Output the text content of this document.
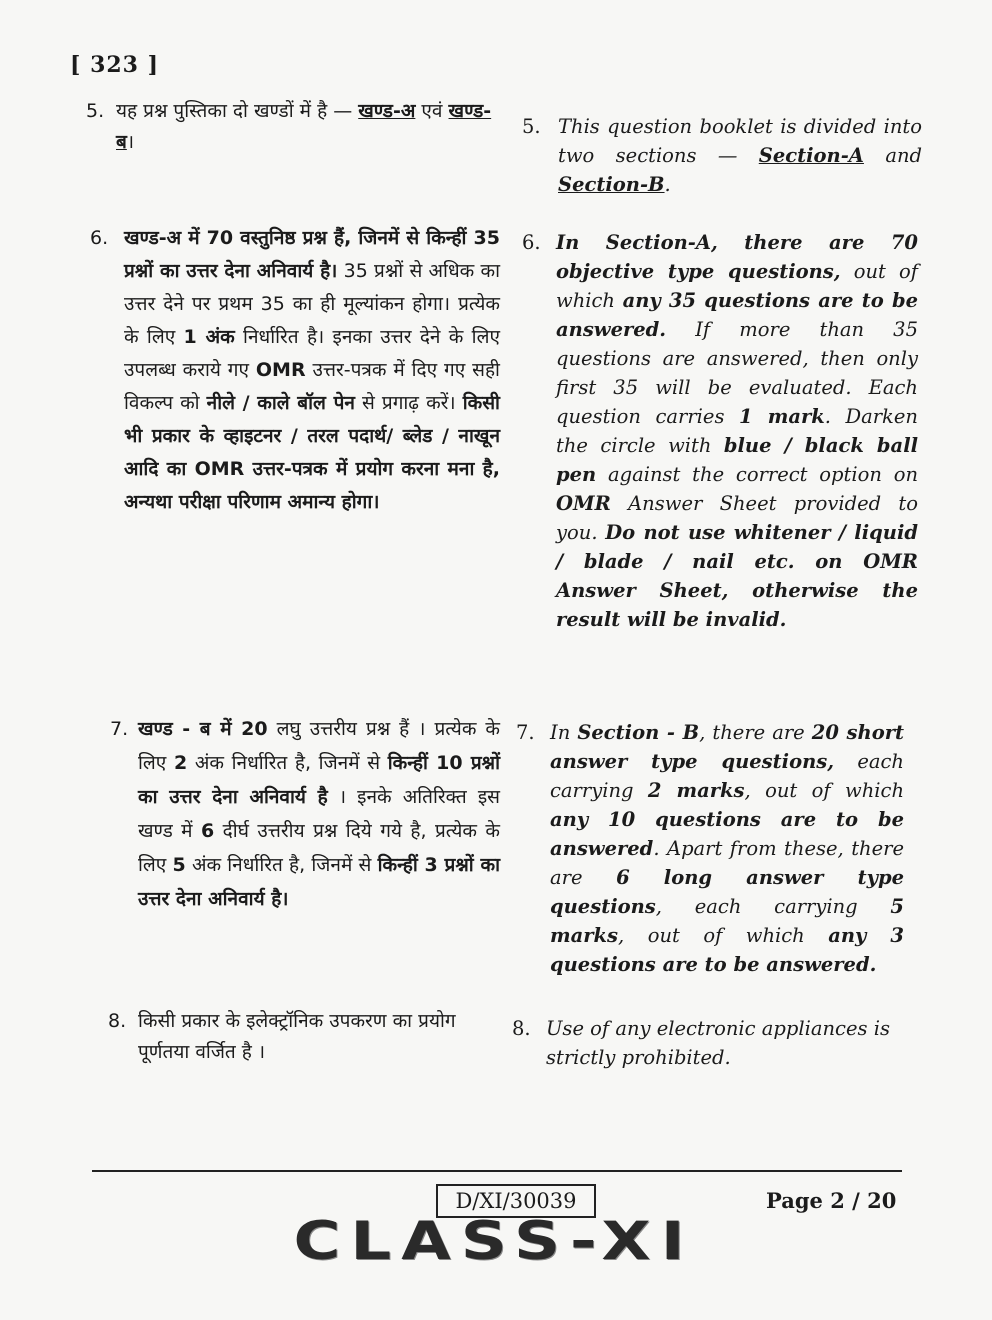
[ 323 ]
5. यह प्रश्न पुस्तिका दो खण्डों में है — खण्ड-अ एवं खण्ड-ब।
5. This question booklet is divided into two sections — Section-A and Section-B.
6. खण्ड-अ में 70 वस्तुनिष्ठ प्रश्न हैं, जिनमें से किन्हीं 35 प्रश्नों का उत्तर देना अनिवार्य है। 35 प्रश्नों से अधिक का उत्तर देने पर प्रथम 35 का ही मूल्यांकन होगा। प्रत्येक के लिए 1 अंक निर्धारित है। इनका उत्तर देने के लिए उपलब्ध कराये गए OMR उत्तर-पत्रक में दिए गए सही विकल्प को नीले / काले बॉल पेन से प्रगाढ़ करें। किसी भी प्रकार के व्हाइटनर / तरल पदार्थ/ ब्लेड / नाखून आदि का OMR उत्तर-पत्रक में प्रयोग करना मना है, अन्यथा परीक्षा परिणाम अमान्य होगा।
6. In Section-A, there are 70 objective type questions, out of which any 35 questions are to be answered. If more than 35 questions are answered, then only first 35 will be evaluated. Each question carries 1 mark. Darken the circle with blue / black ball pen against the correct option on OMR Answer Sheet provided to you. Do not use whitener / liquid / blade / nail etc. on OMR Answer Sheet, otherwise the result will be invalid.
7. खण्ड - ब में 20 लघु उत्तरीय प्रश्न हैं । प्रत्येक के लिए 2 अंक निर्धारित है, जिनमें से किन्हीं 10 प्रश्नों का उत्तर देना अनिवार्य है । इनके अतिरिक्त इस खण्ड में 6 दीर्घ उत्तरीय प्रश्न दिये गये है, प्रत्येक के लिए 5 अंक निर्धारित है, जिनमें से किन्हीं 3 प्रश्नों का उत्तर देना अनिवार्य है।
7. In Section - B, there are 20 short answer type questions, each carrying 2 marks, out of which any 10 questions are to be answered. Apart from these, there are 6 long answer type questions, each carrying 5 marks, out of which any 3 questions are to be answered.
8. किसी प्रकार के इलेक्ट्रॉनिक उपकरण का प्रयोग पूर्णतया वर्जित है ।
8. Use of any electronic appliances is strictly prohibited.
D/XI/30039	Page 2 / 20
CLASS-XI
